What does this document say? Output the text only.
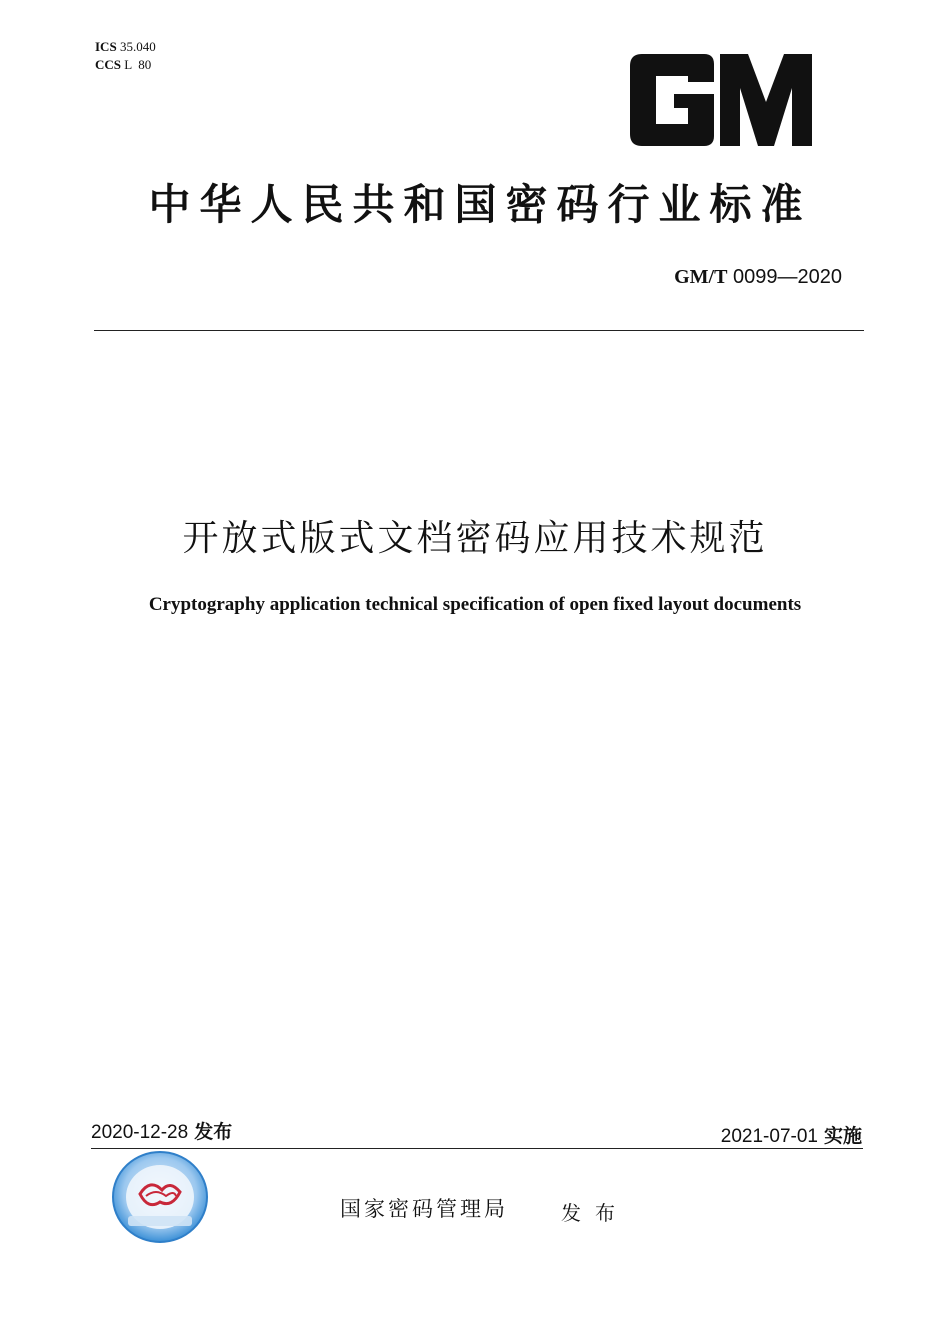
ICS 35.040
CCS L  80
中华人民共和国密码行业标准
GM/T 0099—2020
开放式版式文档密码应用技术规范
Cryptography application technical specification of open fixed layout documents
2020-12-28 发布	2021-07-01 实施
国家密码管理局	发布
